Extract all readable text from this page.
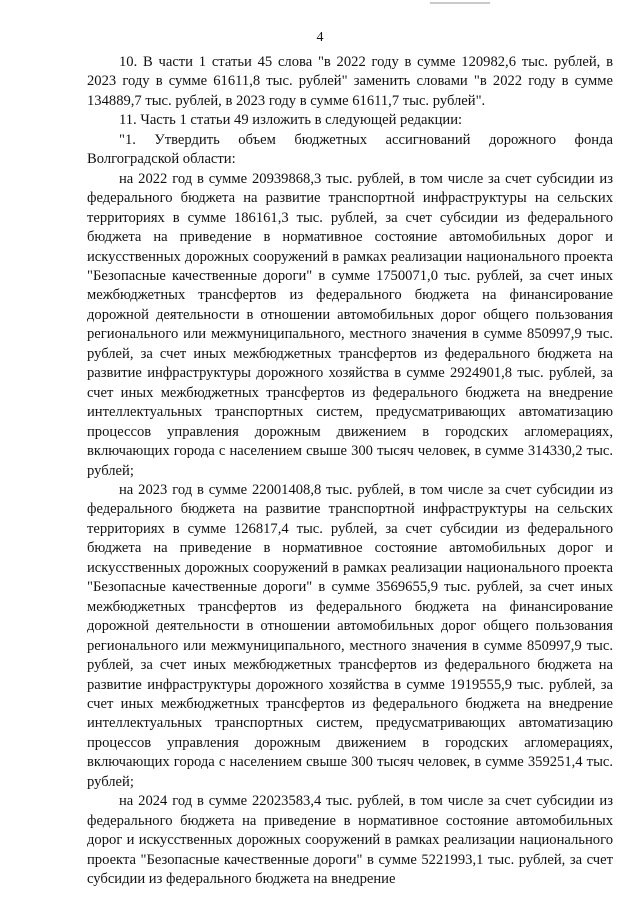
4

10. В части 1 статьи 45 слова "в 2022 году в сумме 120982,6 тыс. рублей, в 2023 году в сумме 61611,8 тыс. рублей" заменить словами "в 2022 году в сумме 134889,7 тыс. рублей, в 2023 году в сумме 61611,7 тыс. рублей".

11. Часть 1 статьи 49 изложить в следующей редакции:

"1. Утвердить объем бюджетных ассигнований дорожного фонда Волгоградской области:

на 2022 год в сумме 20939868,3 тыс. рублей, в том числе за счет субсидии из федерального бюджета на развитие транспортной инфраструктуры на сельских территориях в сумме 186161,3 тыс. рублей, за счет субсидии из федерального бюджета на приведение в нормативное состояние автомобильных дорог и искусственных дорожных сооружений в рамках реализации национального проекта "Безопасные качественные дороги" в сумме 1750071,0 тыс. рублей, за счет иных межбюджетных трансфертов из федерального бюджета на финансирование дорожной деятельности в отношении автомобильных дорог общего пользования регионального или межмуниципального, местного значения в сумме 850997,9 тыс. рублей, за счет иных межбюджетных трансфертов из федерального бюджета на развитие инфраструктуры дорожного хозяйства в сумме 2924901,8 тыс. рублей, за счет иных межбюджетных трансфертов из федерального бюджета на внедрение интеллектуальных транспортных систем, предусматривающих автоматизацию процессов управления дорожным движением в городских агломерациях, включающих города с населением свыше 300 тысяч человек, в сумме 314330,2 тыс. рублей;

на 2023 год в сумме 22001408,8 тыс. рублей, в том числе за счет субсидии из федерального бюджета на развитие транспортной инфраструктуры на сельских территориях в сумме 126817,4 тыс. рублей, за счет субсидии из федерального бюджета на приведение в нормативное состояние автомобильных дорог и искусственных дорожных сооружений в рамках реализации национального проекта "Безопасные качественные дороги" в сумме 3569655,9 тыс. рублей, за счет иных межбюджетных трансфертов из федерального бюджета на финансирование дорожной деятельности в отношении автомобильных дорог общего пользования регионального или межмуниципального, местного значения в сумме 850997,9 тыс. рублей, за счет иных межбюджетных трансфертов из федерального бюджета на развитие инфраструктуры дорожного хозяйства в сумме 1919555,9 тыс. рублей, за счет иных межбюджетных трансфертов из федерального бюджета на внедрение интеллектуальных транспортных систем, предусматривающих автоматизацию процессов управления дорожным движением в городских агломерациях, включающих города с населением свыше 300 тысяч человек, в сумме 359251,4 тыс. рублей;

на 2024 год в сумме 22023583,4 тыс. рублей, в том числе за счет субсидии из федерального бюджета на приведение в нормативное состояние автомобильных дорог и искусственных дорожных сооружений в рамках реализации национального проекта "Безопасные качественные дороги" в сумме 5221993,1 тыс. рублей, за счет субсидии из федерального бюджета на внедрение
